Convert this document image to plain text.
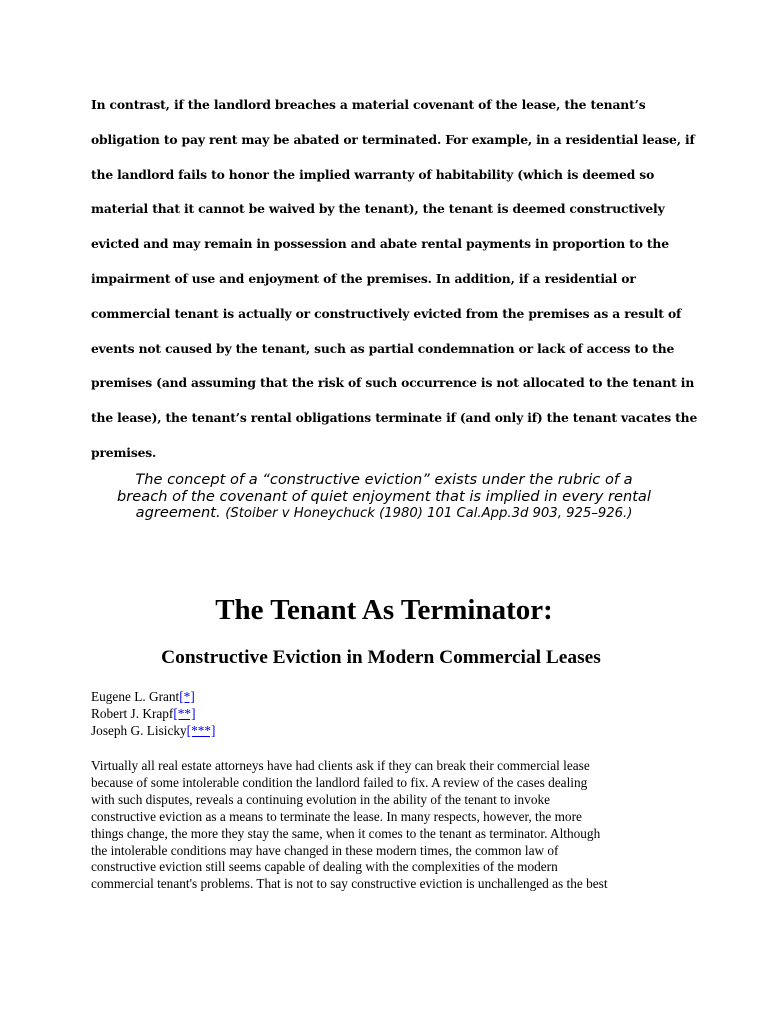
In contrast, if the landlord breaches a material covenant of the lease, the tenant’s
obligation to pay rent may be abated or terminated. For example, in a residential lease, if
the landlord fails to honor the implied warranty of habitability (which is deemed so
material that it cannot be waived by the tenant), the tenant is deemed constructively
evicted and may remain in possession and abate rental payments in proportion to the
impairment of use and enjoyment of the premises. In addition, if a residential or
commercial tenant is actually or constructively evicted from the premises as a result of
events not caused by the tenant, such as partial condemnation or lack of access to the
premises (and assuming that the risk of such occurrence is not allocated to the tenant in
the lease), the tenant’s rental obligations terminate if (and only if) the tenant vacates the
premises.

The concept of a “constructive eviction” exists under the rubric of a
breach of the covenant of quiet enjoyment that is implied in every rental
agreement. (Stoiber v Honeychuck (1980) 101 Cal.App.3d 903, 925–926.)

The Tenant As Terminator:
Constructive Eviction in Modern Commercial Leases
Eugene L. Grant[*]
Robert J. Krapf[**]
Joseph G. Lisicky[***]

Virtually all real estate attorneys have had clients ask if they can break their commercial lease
because of some intolerable condition the landlord failed to fix. A review of the cases dealing
with such disputes, reveals a continuing evolution in the ability of the tenant to invoke
constructive eviction as a means to terminate the lease. In many respects, however, the more
things change, the more they stay the same, when it comes to the tenant as terminator. Although
the intolerable conditions may have changed in these modern times, the common law of
constructive eviction still seems capable of dealing with the complexities of the modern
commercial tenant's problems. That is not to say constructive eviction is unchallenged as the best
